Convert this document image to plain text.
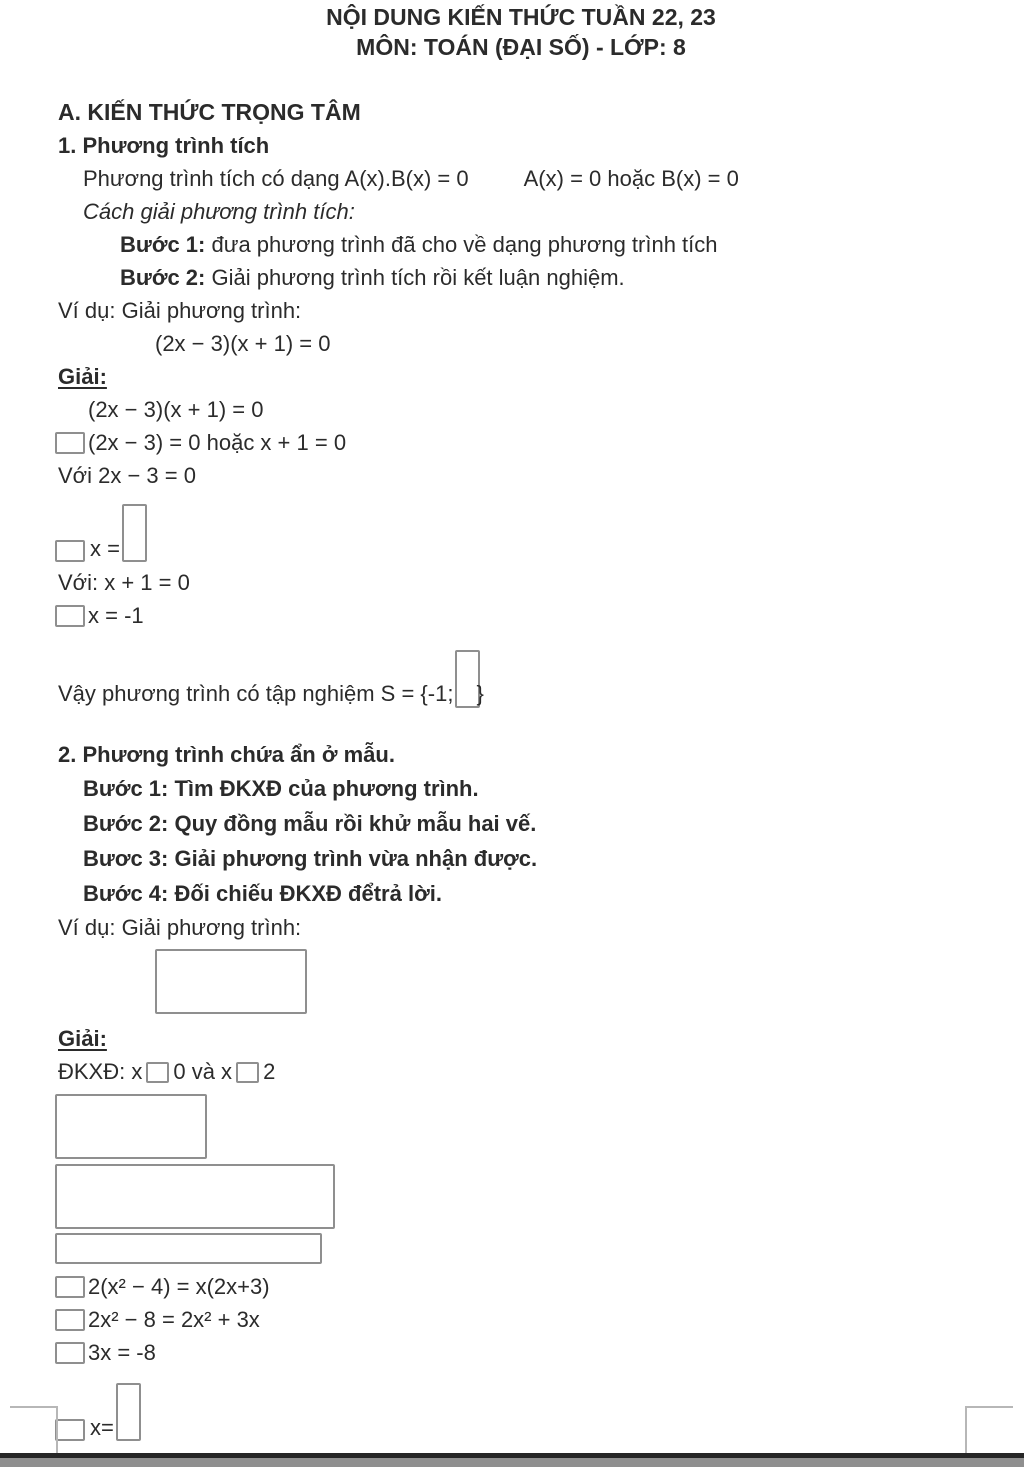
NỘI DUNG KIẾN THỨC TUẦN 22, 23
MÔN: TOÁN (ĐẠI SỐ) - LỚP: 8
A. KIẾN THỨC TRỌNG TÂM
1. Phương trình tích
Phương trình tích có dạng A(x).B(x) = 0	A(x) = 0 hoặc B(x) = 0
Cách giải phương trình tích:
Bước 1: đưa phương trình đã cho về dạng phương trình tích
Bước 2: Giải phương trình tích rồi kết luận nghiệm.
Ví dụ: Giải phương trình:
(2x − 3)(x + 1) = 0
Giải:
(2x − 3)(x + 1) = 0
(2x − 3) = 0 hoặc x + 1 = 0
Với 2x − 3 = 0
x =
Với: x + 1 = 0
x = -1
Vậy phương trình có tập nghiệm S = {-1; }
2. Phương trình chứa ẩn ở mẫu.
Bước 1: Tìm ĐKXĐ của phương trình.
Bước 2: Quy đồng mẫu rồi khử mẫu hai vế.
Bươc 3: Giải phương trình vừa nhận được.
Bước 4: Đối chiếu ĐKXĐ đểtrả lời.
Ví dụ: Giải phương trình:
Giải:
ĐKXĐ: x 0 và x 2
2(x² − 4) = x(2x+3)
2x² − 8 = 2x² + 3x
3x = -8
x=
